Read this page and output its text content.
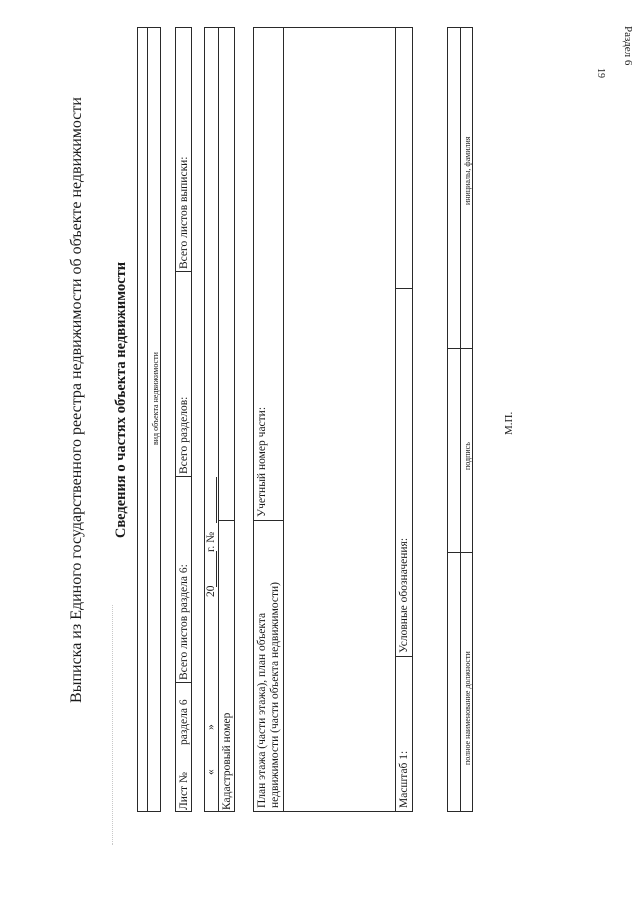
19
Раздел 6
Выписка из Единого государственного реестра недвижимости об объекте недвижимости Сведения о частях объекта недвижимости	вид объекта недвижимости
Лист №
раздела 6
Всего листов раздела 6:
Всего разделов:
Всего листов выписки:
«
»
20
г. №
Кадастровый номер План этажа (части этажа), план объекта недвижимости (части объекта недвижимости)
Учетный номер части:
Масштаб 1:
Условные обозначения:
полное наименование должности
подпись
инициалы, фамилия
М.П.
